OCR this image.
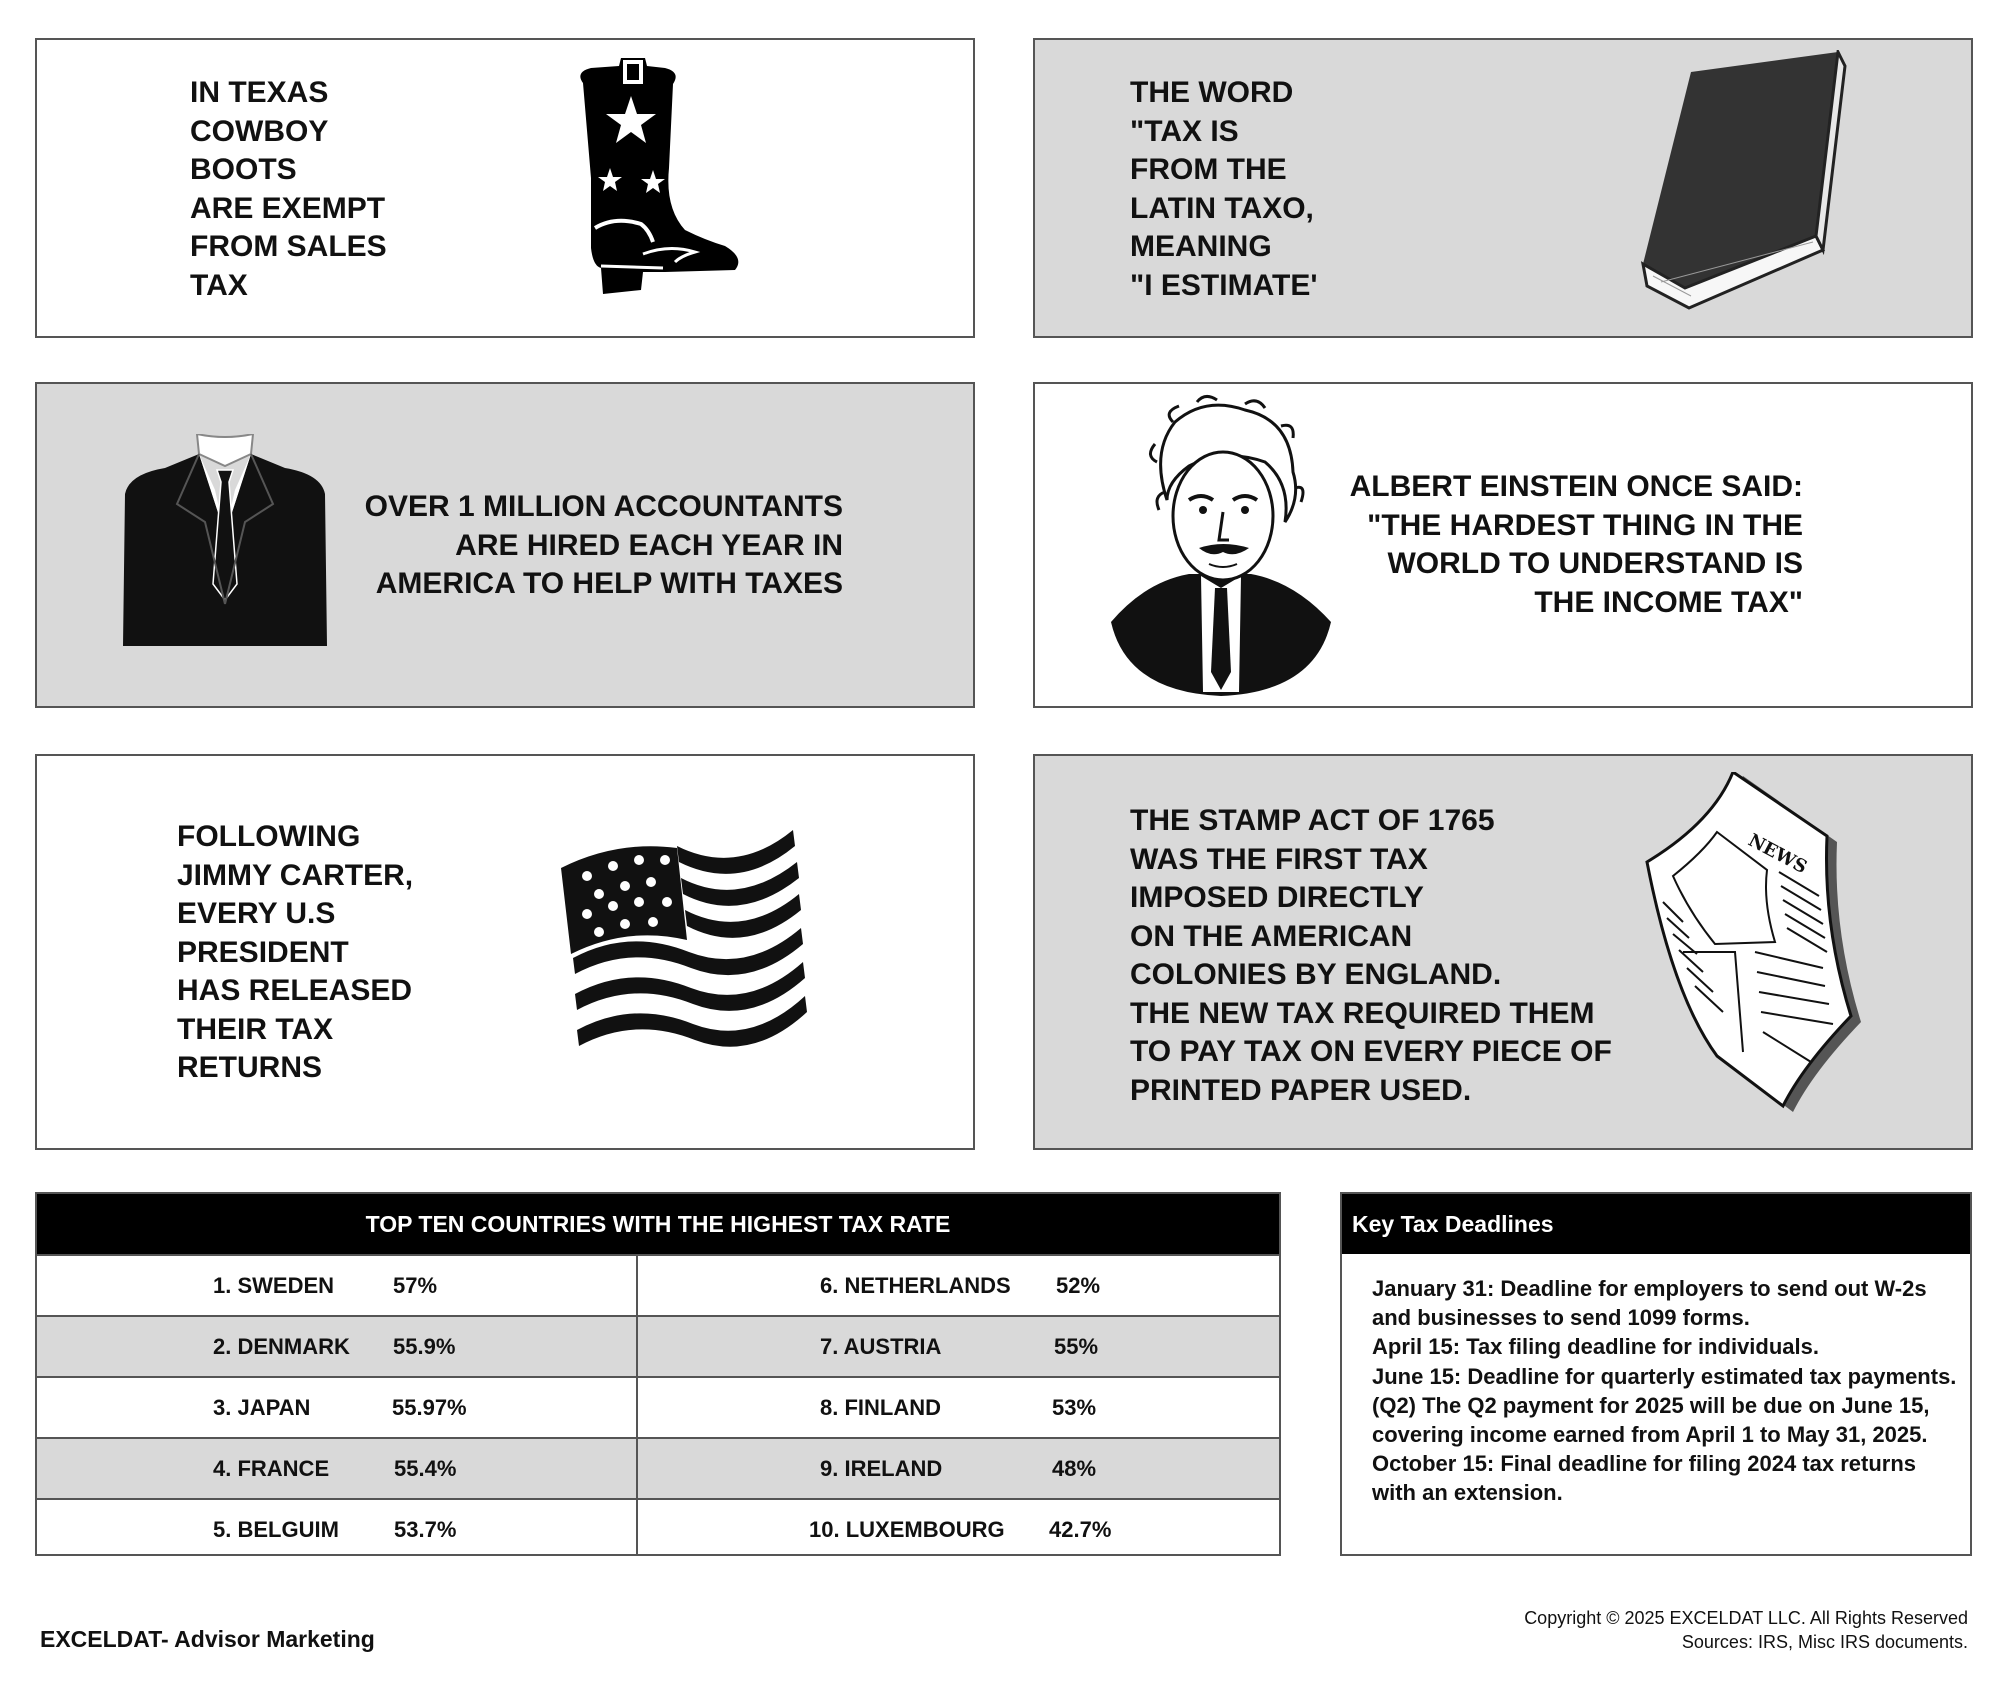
IN TEXAS
COWBOY
BOOTS
ARE EXEMPT
FROM SALES
TAX
THE WORD
"TAX IS
FROM THE
LATIN TAXO,
MEANING
"I ESTIMATE'
OVER 1 MILLION ACCOUNTANTS
ARE HIRED EACH YEAR IN
AMERICA TO HELP WITH TAXES
ALBERT EINSTEIN ONCE SAID:
"THE HARDEST THING IN THE
WORLD TO UNDERSTAND IS
THE INCOME TAX"
FOLLOWING
JIMMY CARTER,
EVERY U.S
PRESIDENT
HAS RELEASED
THEIR TAX
RETURNS
THE STAMP ACT OF 1765
WAS THE FIRST TAX
IMPOSED DIRECTLY
ON THE AMERICAN
COLONIES BY ENGLAND.
THE NEW TAX REQUIRED THEM
TO PAY TAX ON EVERY PIECE OF
PRINTED PAPER USED.
NEWS
TOP TEN COUNTRIES WITH THE HIGHEST TAX RATE
1. SWEDEN	57%	6. NETHERLANDS 52%
2. DENMARK 55.9%	7. AUSTRIA	55%
3. JAPAN	55.97%	8. FINLAND	53%
4. FRANCE	55.4%	9. IRELAND	48%
5. BELGUIM	53.7%	10. LUXEMBOURG 42.7%
Key Tax Deadlines
January 31: Deadline for employers to send out W-2s and businesses to send 1099 forms.
April 15: Tax filing deadline for individuals.
June 15: Deadline for quarterly estimated tax payments. (Q2) The Q2 payment for 2025 will be due on June 15, covering income earned from April 1 to May 31, 2025.
October 15: Final deadline for filing 2024 tax returns with an extension.
EXCELDAT- Advisor Marketing
Copyright © 2025 EXCELDAT LLC. All Rights Reserved
Sources: IRS, Misc IRS documents.
